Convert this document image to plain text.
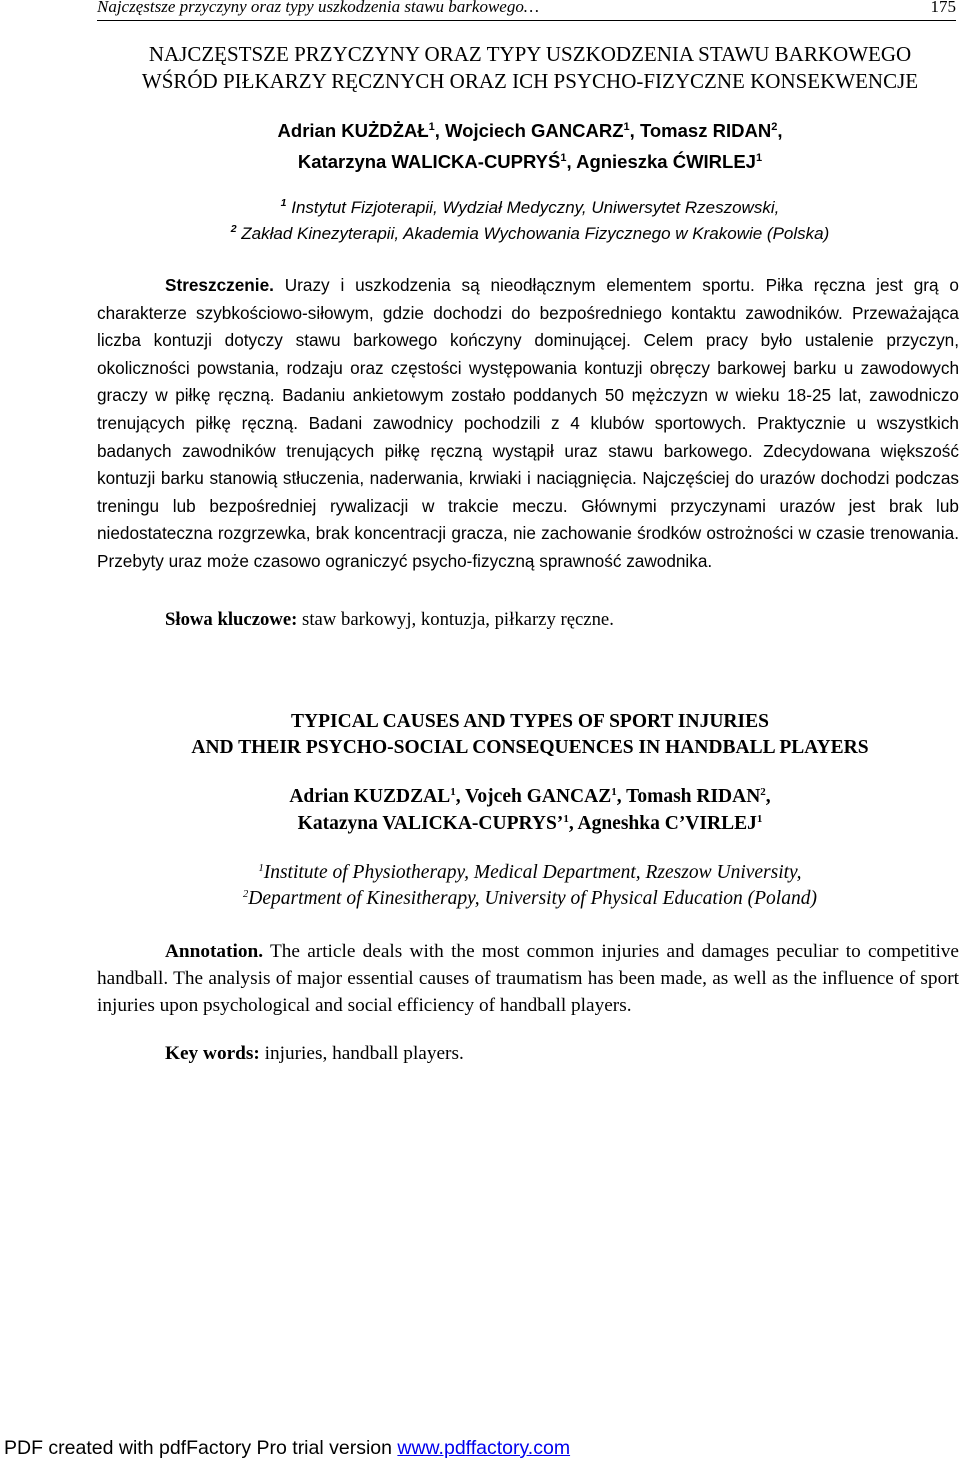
Najczęstsze przyczyny oraz typy uszkodzenia stawu barkowego…	175
NAJCZĘSTSZE PRZYCZYNY ORAZ TYPY USZKODZENIA STAWU BARKOWEGO
WŚRÓD PIŁKARZY RĘCZNYCH ORAZ ICH PSYCHO-FIZYCZNE KONSEKWENCJE
Adrian KUŻDŻAŁ$^1$, Wojciech GANCARZ$^1$, Tomasz RIDAN$^2$,
Katarzyna WALICKA-CUPRYŚ$^1$, Agnieszka ĆWIRLEJ$^1$
$^1$ Instytut Fizjoterapii, Wydział Medyczny, Uniwersytet Rzeszowski,
$^2$ Zakład Kinezyterapii, Akademia Wychowania Fizycznego w Krakowie (Polska)
Streszczenie. Urazy i uszkodzenia są nieodłącznym elementem sportu. Piłka ręczna jest grą o charakterze szybkościowo-siłowym, gdzie dochodzi do bezpośredniego kontaktu zawodników. Przeważająca liczba kontuzji dotyczy stawu barkowego kończyny dominującej. Celem pracy było ustalenie przyczyn, okoliczności powstania, rodzaju oraz częstości występowania kontuzji obręczy barkowej barku u zawodowych graczy w piłkę ręczną. Badaniu ankietowym zostało poddanych 50 mężczyzn w wieku 18-25 lat, zawodniczo trenujących piłkę ręczną. Badani zawodnicy pochodzili z 4 klubów sportowych. Praktycznie u wszystkich badanych zawodników trenujących piłkę ręczną wystąpił uraz stawu barkowego. Zdecydowana większość kontuzji barku stanowią stłuczenia, naderwania, krwiaki i naciągnięcia. Najczęściej do urazów dochodzi podczas treningu lub bezpośredniej rywalizacji w trakcie meczu. Głównymi przyczynami urazów jest brak lub niedostateczna rozgrzewka, brak koncentracji gracza, nie zachowanie środków ostrożności w czasie trenowania. Przebyty uraz może czasowo ograniczyć psycho-fizyczną sprawność zawodnika.
Słowa kluczowe: staw barkowyj, kontuzja, piłkarzy ręczne.
TYPICAL CAUSES AND TYPES OF SPORT INJURIES
AND THEIR PSYCHO-SOCIAL CONSEQUENCES IN HANDBALL PLAYERS
Adrian KUZDZAL$^1$, Vojceh GANCAZ$^1$, Tomash RIDAN$^2$,
Katazyna VALICKA-CUPRYS’$^1$, Agneshka C’VIRLEJ$^1$
$^1$Institute of Physiotherapy, Medical Department, Rzeszow University,
$^2$Department of Kinesitherapy, University of Physical Education (Poland)
Annotation. The article deals with the most common injuries and damages peculiar to competitive handball. The analysis of major essential causes of traumatism has been made, as well as the influence of sport injuries upon psychological and social efficiency of handball players.
Key words: injuries, handball players.
PDF created with pdfFactory Pro trial version www.pdffactory.com
